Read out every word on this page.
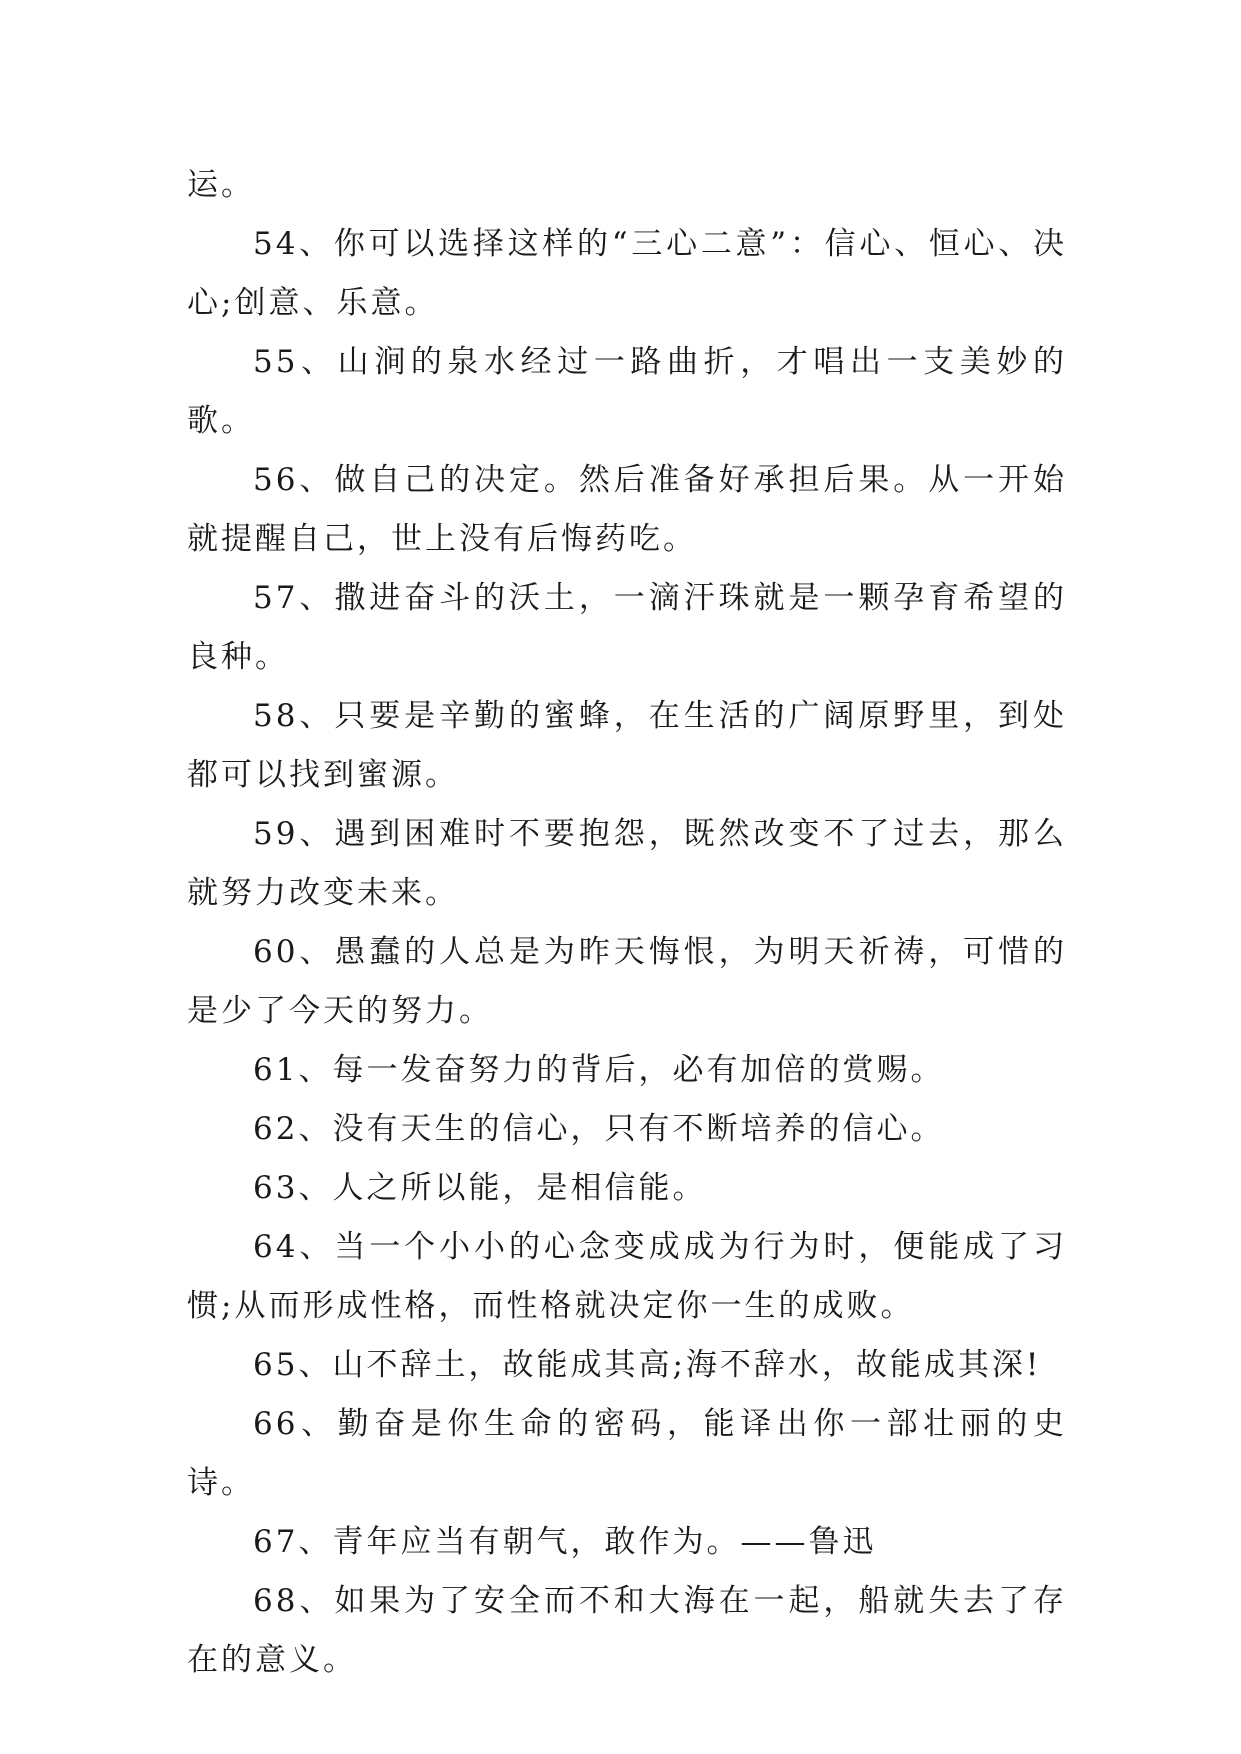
运。

54、你可以选择这样的“三心二意”：信心、恒心、决心;创意、乐意。

55、山涧的泉水经过一路曲折，才唱出一支美妙的歌。

56、做自己的决定。然后准备好承担后果。从一开始就提醒自己，世上没有后悔药吃。

57、撒进奋斗的沃土，一滴汗珠就是一颗孕育希望的良种。

58、只要是辛勤的蜜蜂，在生活的广阔原野里，到处都可以找到蜜源。

59、遇到困难时不要抱怨，既然改变不了过去，那么就努力改变未来。

60、愚蠢的人总是为昨天悔恨，为明天祈祷，可惜的是少了今天的努力。

61、每一发奋努力的背后，必有加倍的赏赐。

62、没有天生的信心，只有不断培养的信心。

63、人之所以能，是相信能。

64、当一个小小的心念变成成为行为时，便能成了习惯;从而形成性格，而性格就决定你一生的成败。

65、山不辞土，故能成其高;海不辞水，故能成其深!

66、勤奋是你生命的密码，能译出你一部壮丽的史诗。

67、青年应当有朝气，敢作为。——鲁迅

68、如果为了安全而不和大海在一起，船就失去了存在的意义。
